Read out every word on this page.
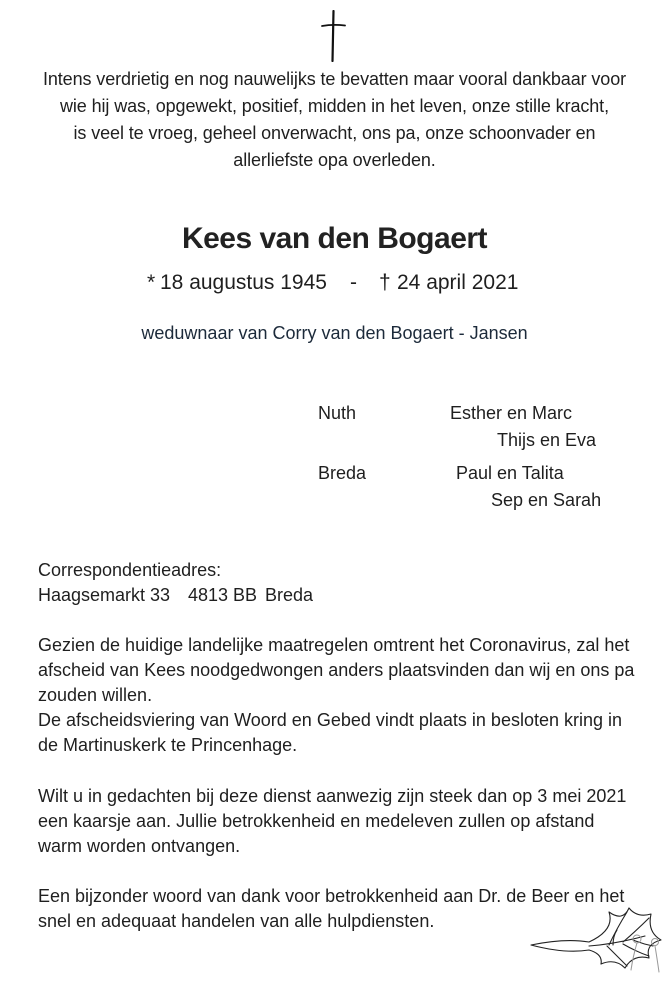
Intens verdrietig en nog nauwelijks te bevatten maar vooral dankbaar voor
wie hij was, opgewekt, positief, midden in het leven, onze stille kracht,
is veel te vroeg, geheel onverwacht, ons pa, onze schoonvader en
allerliefste opa overleden.
Kees van den Bogaert
* 18 augustus 1945 - † 24 april 2021
weduwnaar van Corry van den Bogaert - Jansen
Nuth	Esther en Marc
Thijs en Eva
Breda	Paul en Talita
Sep en Sarah
Correspondentieadres:
Haagsemarkt 33 4813 BB Breda
Gezien de huidige landelijke maatregelen omtrent het Coronavirus, zal het
afscheid van Kees noodgedwongen anders plaatsvinden dan wij en ons pa
zouden willen.
De afscheidsviering van Woord en Gebed vindt plaats in besloten kring in
de Martinuskerk te Princenhage.
Wilt u in gedachten bij deze dienst aanwezig zijn steek dan op 3 mei 2021
een kaarsje aan. Jullie betrokkenheid en medeleven zullen op afstand
warm worden ontvangen.
Een bijzonder woord van dank voor betrokkenheid aan Dr. de Beer en het
snel en adequaat handelen van alle hulpdiensten.
